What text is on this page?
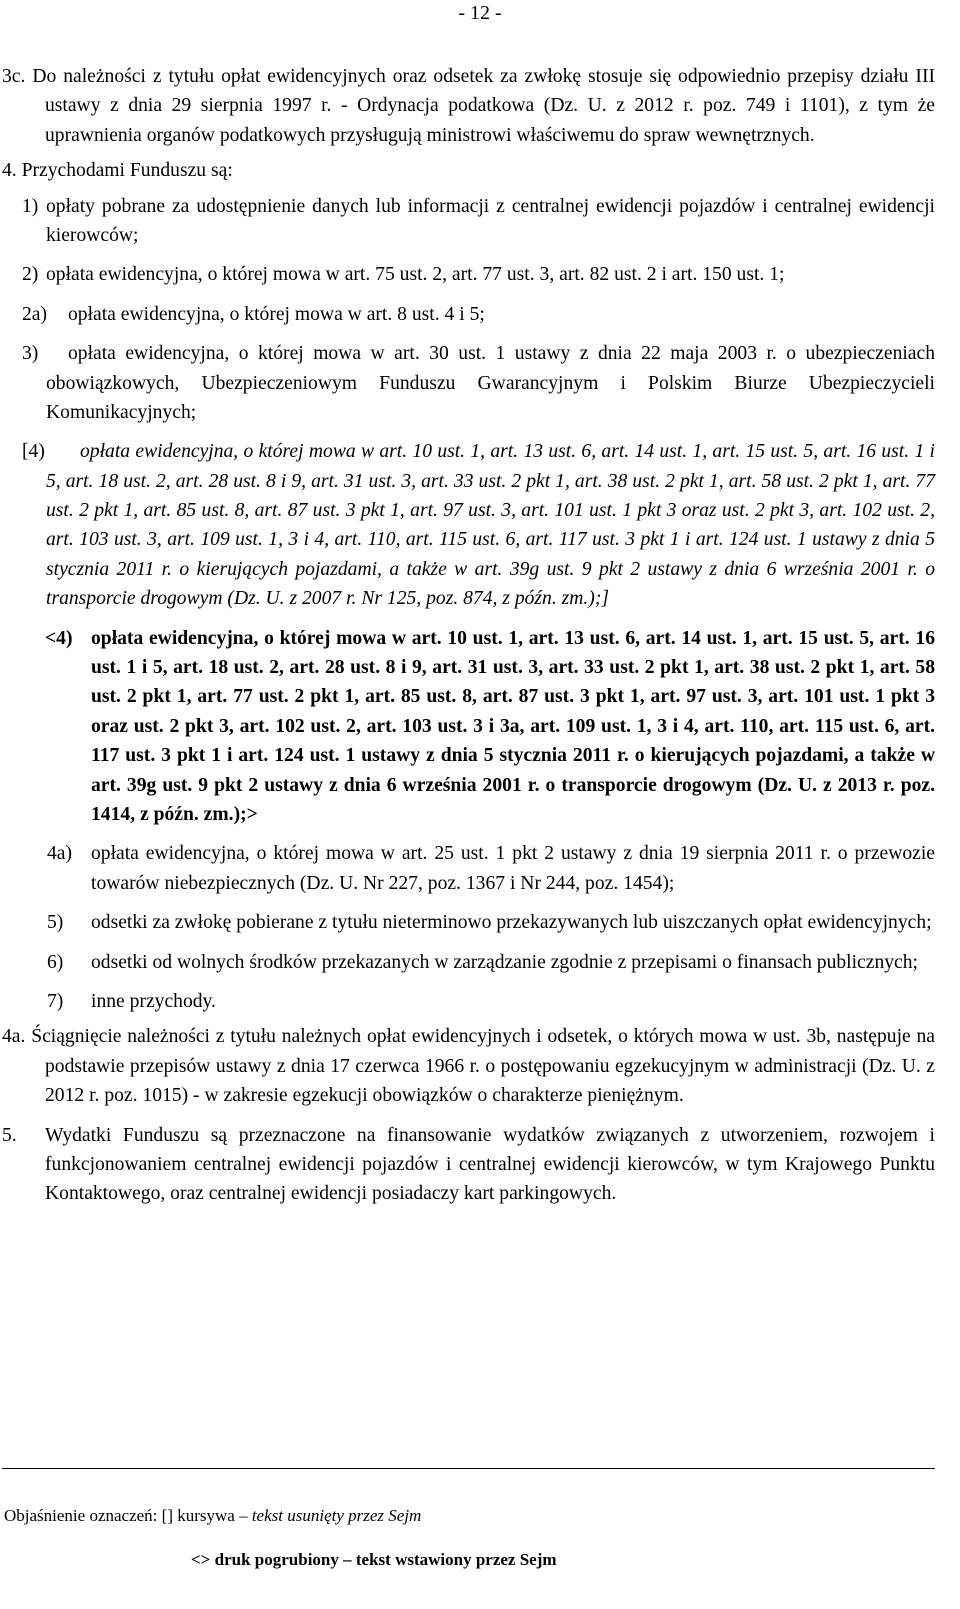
- 12 -

3c. Do należności z tytułu opłat ewidencyjnych oraz odsetek za zwłokę stosuje się odpowiednio przepisy działu III ustawy z dnia 29 sierpnia 1997 r. - Ordynacja podatkowa (Dz. U. z 2012 r. poz. 749 i 1101), z tym że uprawnienia organów podatkowych przysługują ministrowi właściwemu do spraw wewnętrznych.

4. Przychodami Funduszu są:

1) opłaty pobrane za udostępnienie danych lub informacji z centralnej ewidencji pojazdów i centralnej ewidencji kierowców;
2) opłata ewidencyjna, o której mowa w art. 75 ust. 2, art. 77 ust. 3, art. 82 ust. 2 i art. 150 ust. 1;
2a) opłata ewidencyjna, o której mowa w art. 8 ust. 4 i 5;
3) opłata ewidencyjna, o której mowa w art. 30 ust. 1 ustawy z dnia 22 maja 2003 r. o ubezpieczeniach obowiązkowych, Ubezpieczeniowym Funduszu Gwarancyjnym i Polskim Biurze Ubezpieczycieli Komunikacyjnych;
[4) opłata ewidencyjna, o której mowa w art. 10 ust. 1, art. 13 ust. 6, art. 14 ust. 1, art. 15 ust. 5, art. 16 ust. 1 i 5, art. 18 ust. 2, art. 28 ust. 8 i 9, art. 31 ust. 3, art. 33 ust. 2 pkt 1, art. 38 ust. 2 pkt 1, art. 58 ust. 2 pkt 1, art. 77 ust. 2 pkt 1, art. 85 ust. 8, art. 87 ust. 3 pkt 1, art. 97 ust. 3, art. 101 ust. 1 pkt 3 oraz ust. 2 pkt 3, art. 102 ust. 2, art. 103 ust. 3, art. 109 ust. 1, 3 i 4, art. 110, art. 115 ust. 6, art. 117 ust. 3 pkt 1 i art. 124 ust. 1 ustawy z dnia 5 stycznia 2011 r. o kierujących pojazdami, a także w art. 39g ust. 9 pkt 2 ustawy z dnia 6 września 2001 r. o transporcie drogowym (Dz. U. z 2007 r. Nr 125, poz. 874, z późn. zm.);]
<4) opłata ewidencyjna, o której mowa w art. 10 ust. 1, art. 13 ust. 6, art. 14 ust. 1, art. 15 ust. 5, art. 16 ust. 1 i 5, art. 18 ust. 2, art. 28 ust. 8 i 9, art. 31 ust. 3, art. 33 ust. 2 pkt 1, art. 38 ust. 2 pkt 1, art. 58 ust. 2 pkt 1, art. 77 ust. 2 pkt 1, art. 85 ust. 8, art. 87 ust. 3 pkt 1, art. 97 ust. 3, art. 101 ust. 1 pkt 3 oraz ust. 2 pkt 3, art. 102 ust. 2, art. 103 ust. 3 i 3a, art. 109 ust. 1, 3 i 4, art. 110, art. 115 ust. 6, art. 117 ust. 3 pkt 1 i art. 124 ust. 1 ustawy z dnia 5 stycznia 2011 r. o kierujących pojazdami, a także w art. 39g ust. 9 pkt 2 ustawy z dnia 6 września 2001 r. o transporcie drogowym (Dz. U. z 2013 r. poz. 1414, z późn. zm.);>
4a) opłata ewidencyjna, o której mowa w art. 25 ust. 1 pkt 2 ustawy z dnia 19 sierpnia 2011 r. o przewozie towarów niebezpiecznych (Dz. U. Nr 227, poz. 1367 i Nr 244, poz. 1454);
5) odsetki za zwłokę pobierane z tytułu nieterminowo przekazywanych lub uiszczanych opłat ewidencyjnych;
6) odsetki od wolnych środków przekazanych w zarządzanie zgodnie z przepisami o finansach publicznych;
7) inne przychody.

4a. Ściągnięcie należności z tytułu należnych opłat ewidencyjnych i odsetek, o których mowa w ust. 3b, następuje na podstawie przepisów ustawy z dnia 17 czerwca 1966 r. o postępowaniu egzekucyjnym w administracji (Dz. U. z 2012 r. poz. 1015) - w zakresie egzekucji obowiązków o charakterze pieniężnym.

5. Wydatki Funduszu są przeznaczone na finansowanie wydatków związanych z utworzeniem, rozwojem i funkcjonowaniem centralnej ewidencji pojazdów i centralnej ewidencji kierowców, w tym Krajowego Punktu Kontaktowego, oraz centralnej ewidencji posiadaczy kart parkingowych.

Objaśnienie oznaczeń: [] kursywa – tekst usunięty przez Sejm

<> druk pogrubiony – tekst wstawiony przez Sejm
